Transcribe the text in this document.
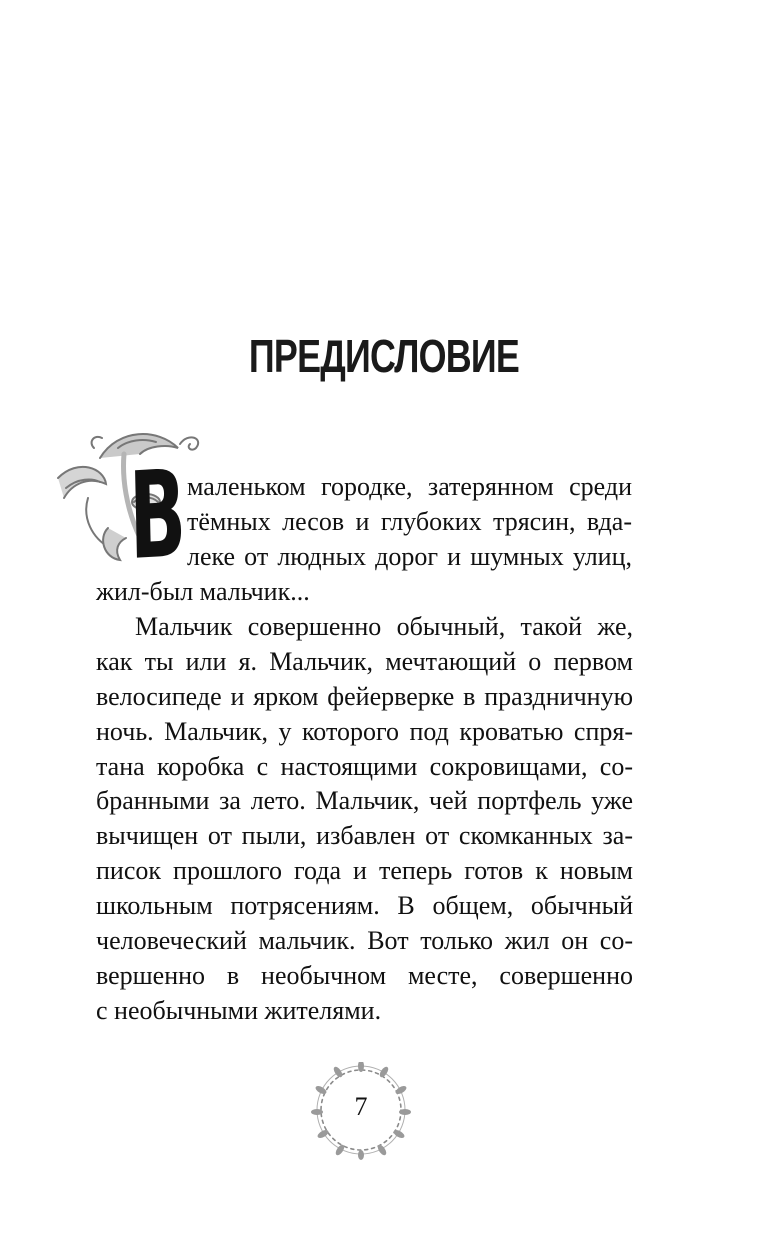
ПРЕДИСЛОВИЕ
В маленьком городке, затерянном среди
тёмных лесов и глубоких трясин, вда-
леке от людных дорог и шумных улиц,
жил-был мальчик...
Мальчик совершенно обычный, такой же,
как ты или я. Мальчик, мечтающий о первом
велосипеде и ярком фейерверке в праздничную
ночь. Мальчик, у которого под кроватью спря-
тана коробка с настоящими сокровищами, со-
бранными за лето. Мальчик, чей портфель уже
вычищен от пыли, избавлен от скомканных за-
писок прошлого года и теперь готов к новым
школьным потрясениям. В общем, обычный
человеческий мальчик. Вот только жил он со-
вершенно в необычном месте, совершенно
с необычными жителями.
7
